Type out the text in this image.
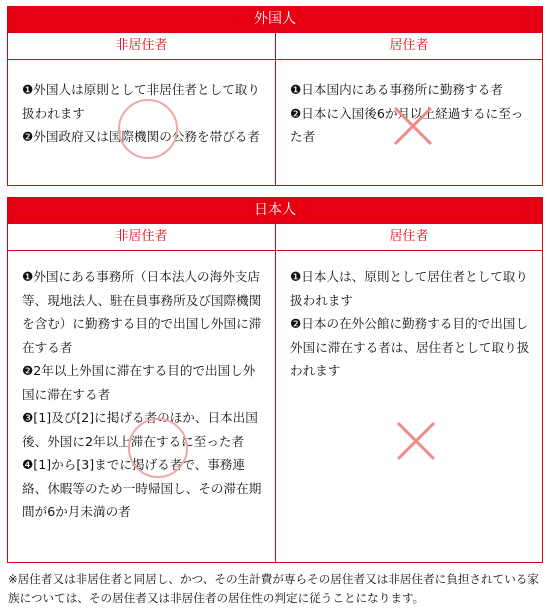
外国人
非居住者

❶外国人は原則として非居住者として取り扱われます

❷外国政府又は国際機関の公務を帯びる者

居住者

❶日本国内にある事務所に勤務する者

❷日本に入国後6か月以上経過するに至った者

日本人
非居住者

❶外国にある事務所（日本法人の海外支店等、現地法人、駐在員事務所及び国際機関を含む）に勤務する目的で出国し外国に滞在する者

❷2年以上外国に滞在する目的で出国し外国に滞在する者

❸[1]及び[2]に掲げる者のほか、日本出国後、外国に2年以上滞在するに至った者

❹[1]から[3]までに掲げる者で、事務連絡、休暇等のため一時帰国し、その滞在期間が6か月未満の者

居住者

❶日本人は、原則として居住者として取り扱われます

❷日本の在外公館に勤務する目的で出国し外国に滞在する者は、居住者として取り扱われます

※居住者又は非居住者と同居し、かつ、その生計費が専らその居住者又は非居住者に負担されている家族については、その居住者又は非居住者の居住性の判定に従うことになります。
